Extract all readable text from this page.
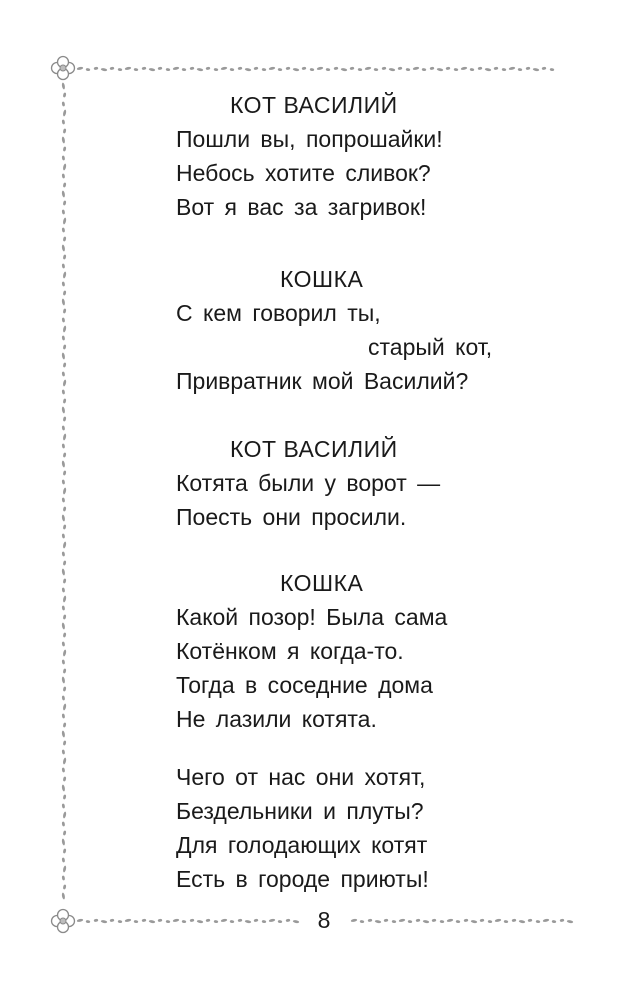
КОТ ВАСИЛИЙ

Пошли вы, попрошайки!

Небось хотите сливок?

Вот я вас за загривок!

КОШКА

С кем говорил ты,

старый кот,

Привратник мой Василий?

КОТ ВАСИЛИЙ

Котята были у ворот —

Поесть они просили.

КОШКА

Какой позор! Была сама

Котёнком я когда-то.

Тогда в соседние дома

Не лазили котята.

Чего от нас они хотят,

Бездельники и плуты?

Для голодающих котят

Есть в городе приюты!

8
